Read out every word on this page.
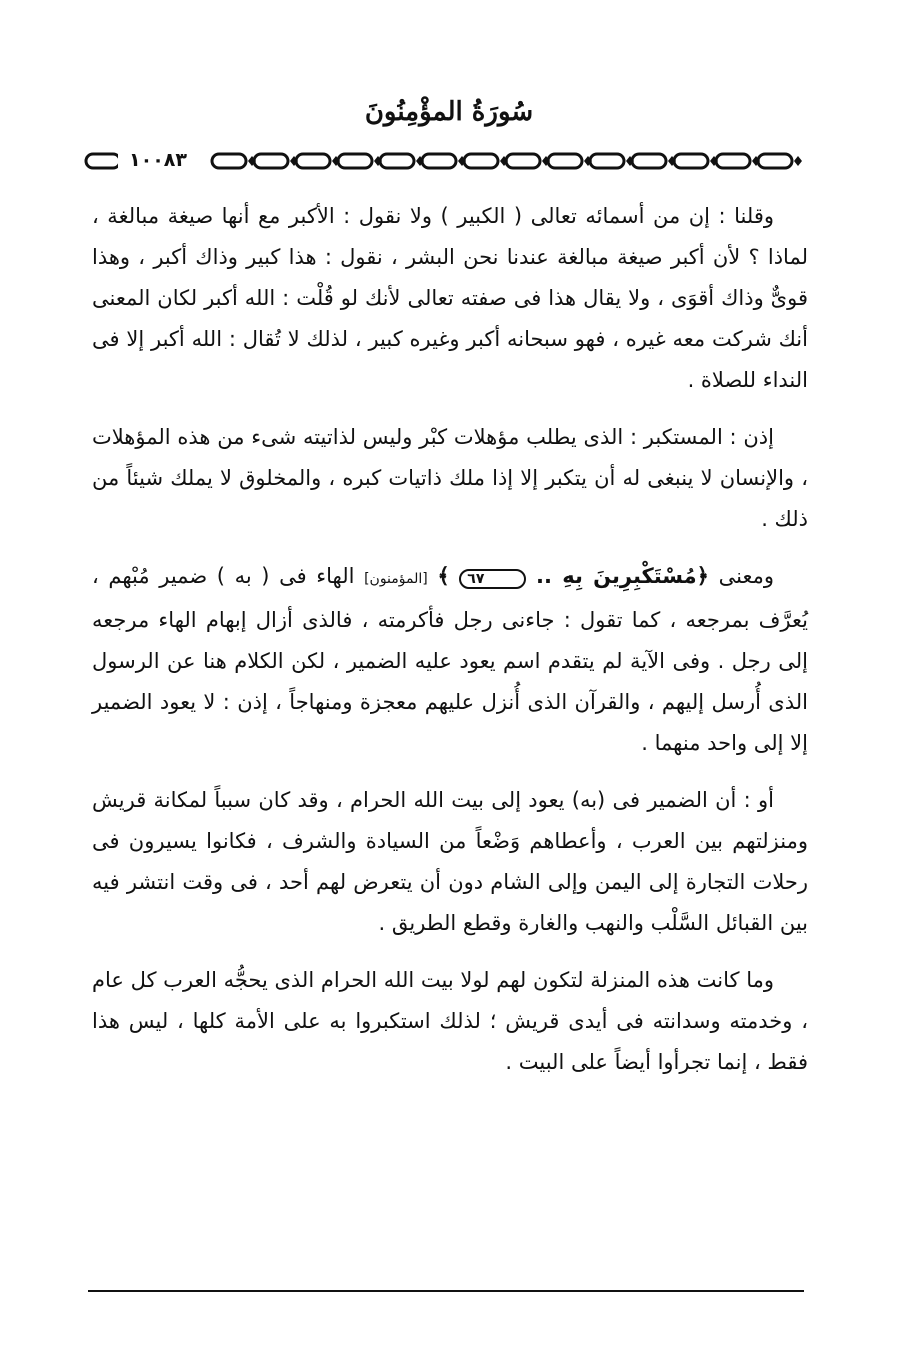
سُورَةُ المؤْمِنُونَ
١٠٠٨٣

وقلنا : إن من أسمائه تعالى ( الكبير ) ولا نقول : الأكبر مع أنها صيغة مبالغة ، لماذا ؟ لأن أكبر صيغة مبالغة عندنا نحن البشر ، نقول : هذا كبير وذاك أكبر ، وهذا قوىٌّ وذاك أقوَى ، ولا يقال هذا فى صفته تعالى لأنك لو قُلْت : الله أكبر لكان المعنى أنك شركت معه غيره ، فهو سبحانه أكبر وغيره كبير ، لذلك لا تُقال : الله أكبر إلا فى النداء للصلاة .

إذن : المستكبر : الذى يطلب مؤهلات كبْر وليس لذاتيته شىء من هذه المؤهلات ، والإنسان لا ينبغى له أن يتكبر إلا إذا ملك ذاتيات كبره ، والمخلوق لا يملك شيئاً من ذلك .

ومعنى ﴿مُسْتَكْبِرِينَ بِهِ .. ٦٧ ﴾ [المؤمنون] الهاء فى ( به ) ضمير مُبْهم ، يُعرَّف بمرجعه ، كما تقول : جاءنى رجل فأكرمته ، فالذى أزال إبهام الهاء مرجعه إلى رجل . وفى الآية لم يتقدم اسم يعود عليه الضمير ، لكن الكلام هنا عن الرسول الذى أُرسل إليهم ، والقرآن الذى أُنزل عليهم معجزة ومنهاجاً ، إذن : لا يعود الضمير إلا إلى واحد منهما .

أو : أن الضمير فى (به) يعود إلى بيت الله الحرام ، وقد كان سبباً لمكانة قريش ومنزلتهم بين العرب ، وأعطاهم وَضْعاً من السيادة والشرف ، فكانوا يسيرون فى رحلات التجارة إلى اليمن وإلى الشام دون أن يتعرض لهم أحد ، فى وقت انتشر فيه بين القبائل السَّلْب والنهب والغارة وقطع الطريق .

وما كانت هذه المنزلة لتكون لهم لولا بيت الله الحرام الذى يحجُّه العرب كل عام ، وخدمته وسدانته فى أيدى قريش ؛ لذلك استكبروا به على الأمة كلها ، ليس هذا فقط ، إنما تجرأوا أيضاً على البيت .
